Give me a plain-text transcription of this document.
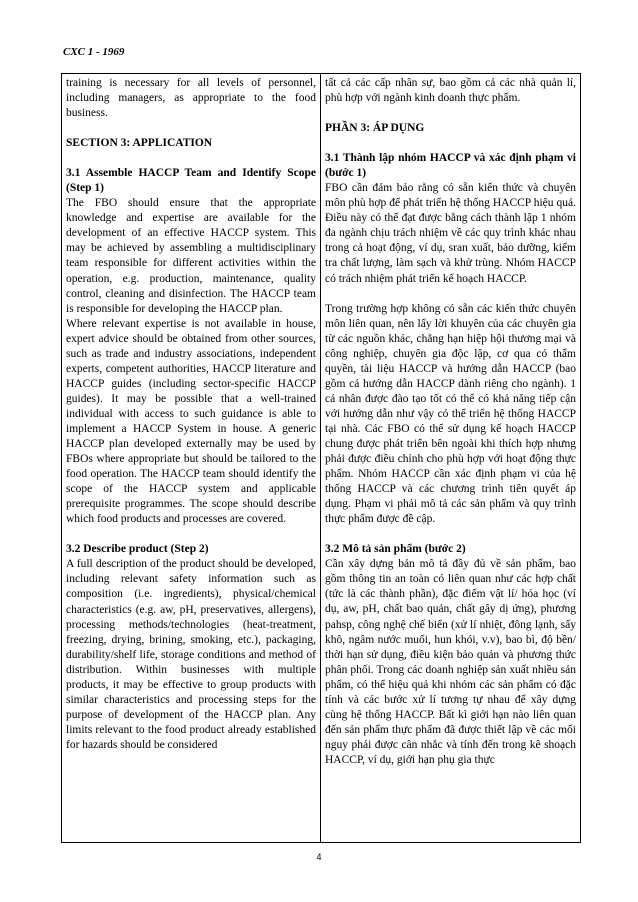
CXC 1 - 1969

training is necessary for all levels of personnel, including managers, as appropriate to the food business.

SECTION 3: APPLICATION

3.1 Assemble HACCP Team and Identify Scope (Step 1)

The FBO should ensure that the appropriate knowledge and expertise are available for the development of an effective HACCP system. This may be achieved by assembling a multidisciplinary team responsible for different activities within the operation, e.g. production, maintenance, quality control, cleaning and disinfection. The HACCP team is responsible for developing the HACCP plan.

Where relevant expertise is not available in house, expert advice should be obtained from other sources, such as trade and industry associations, independent experts, competent authorities, HACCP literature and HACCP guides (including sector-specific HACCP guides). It may be possible that a well-trained individual with access to such guidance is able to implement a HACCP System in house. A generic HACCP plan developed externally may be used by FBOs where appropriate but should be tailored to the food operation. The HACCP team should identify the scope of the HACCP system and applicable prerequisite programmes. The scope should describe which food products and processes are covered.

3.2 Describe product (Step 2)

A full description of the product should be developed, including relevant safety information such as composition (i.e. ingredients), physical/chemical characteristics (e.g. aw, pH, preservatives, allergens), processing methods/technologies (heat-treatment, freezing, drying, brining, smoking, etc.), packaging, durability/shelf life, storage conditions and method of distribution. Within businesses with multiple products, it may be effective to group products with similar characteristics and processing steps for the purpose of development of the HACCP plan. Any limits relevant to the food product already established for hazards should be considered

tất cả các cấp nhân sự, bao gồm cả các nhà quản lí, phù hợp với ngành kinh doanh thực phẩm.

PHẦN 3: ÁP DỤNG

3.1 Thành lập nhóm HACCP và xác định phạm vi (bước 1)

FBO cần đảm bảo rằng có sẵn kiến thức và chuyên môn phù hợp để phát triển hệ thống HACCP hiệu quả. Điều này có thể đạt được bằng cách thành lập 1 nhóm đa ngành chịu trách nhiệm về các quy trình khác nhau trong cả hoạt động, ví dụ, sran xuất, bảo dưỡng, kiểm tra chất lượng, làm sạch và khử trùng. Nhóm HACCP có trách nhiệm phát triển kế hoạch HACCP.

Trong trường hợp không có sẵn các kiến thức chuyên môn liên quan, nên lấy lời khuyên của các chuyên gia từ các nguồn khác, chẳng hạn hiệp hội thương mại và công nghiệp, chuyên gia độc lập, cơ qua có thẩm quyền, tài liệu HACCP và hướng dẫn HACCP (bao gồm cả hướng dẫn HACCP dành riêng cho ngành). 1 cá nhân được đào tạo tốt có thể có khả năng tiếp cận với hướng dẫn như vậy có thể triển hệ thống HACCP tại nhà. Các FBO có thể sử dụng kế hoạch HACCP chung được phát triển bên ngoài khi thích hợp nhưng phải được điều chỉnh cho phù hợp với hoạt động thực phẩm. Nhóm HACCP cần xác định phạm vi của hệ thống HACCP và các chương trình tiên quyết áp dụng. Phạm vi phải mô tả các sản phẩm và quy trình thực phẩm được đề cập.

3.2 Mô tả sản phẩm (bước 2)

Cần xây dựng bản mô tả đầy đủ về sản phẩm, bao gồm thông tin an toàn có liên quan như các hợp chất (tức là các thành phần), đặc điểm vật lí/ hóa học (ví dụ, aw, pH, chất bao quản, chất gây dị ứng), phương pahsp, công nghệ chế biến (xử lí nhiệt, đông lạnh, sấy khô, ngâm nước muối, hun khói, v.v), bao bì, độ bền/ thời hạn sử dụng, điều kiện bảo quản và phương thức phân phối. Trong các doanh nghiệp sản xuất nhiều sản phẩm, có thể hiệu quả khi nhóm các sản phẩm có đặc tính và các bước xử lí tương tự nhau để xây dựng cùng hệ thống HACCP. Bất kì giới hạn nào liên quan đến sản phẩm thực phẩm đã được thiết lập về các mối nguy phải được cân nhắc và tính đến trong kê shoạch HACCP, ví dụ, giới hạn phụ gia thực

4
